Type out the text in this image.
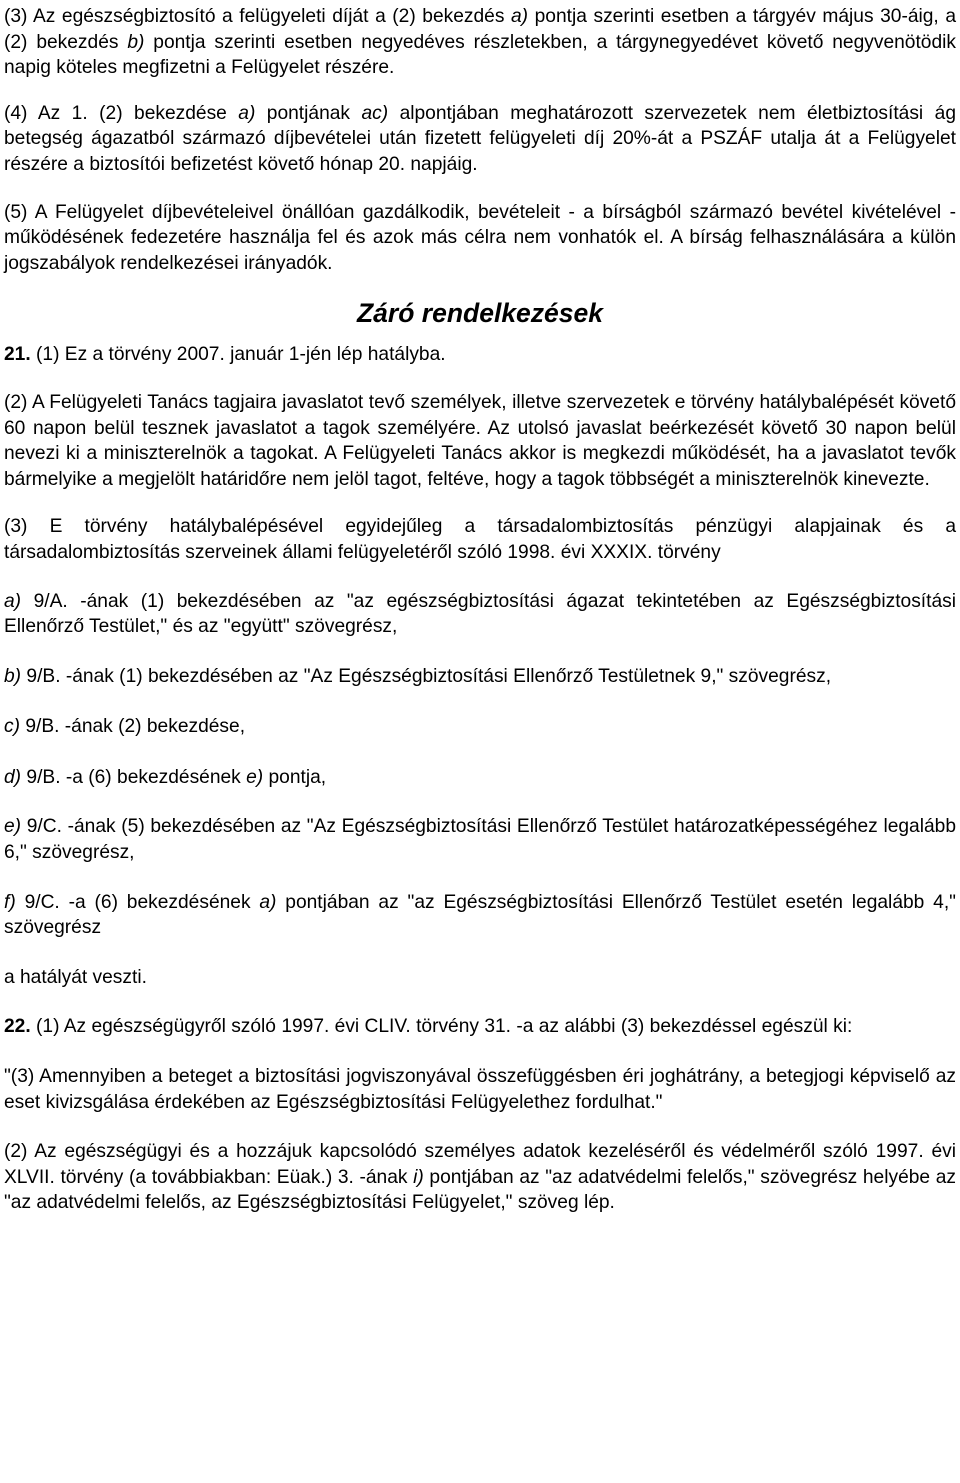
(3) Az egészségbiztosító a felügyeleti díját a (2) bekezdés a) pontja szerinti esetben a tárgyév május 30-áig, a (2) bekezdés b) pontja szerinti esetben negyedéves részletekben, a tárgynegyedévet követő negyvenötödik napig köteles megfizetni a Felügyelet részére.

(4) Az 1. (2) bekezdése a) pontjának ac) alpontjában meghatározott szervezetek nem életbiztosítási ág betegség ágazatból származó díjbevételei után fizetett felügyeleti díj 20%-át a PSZÁF utalja át a Felügyelet részére a biztosítói befizetést követő hónap 20. napjáig.

(5) A Felügyelet díjbevételeivel önállóan gazdálkodik, bevételeit - a bírságból származó bevétel kivételével - működésének fedezetére használja fel és azok más célra nem vonhatók el. A bírság felhasználására a külön jogszabályok rendelkezései irányadók.

Záró rendelkezések

21. (1) Ez a törvény 2007. január 1-jén lép hatályba.

(2) A Felügyeleti Tanács tagjaira javaslatot tevő személyek, illetve szervezetek e törvény hatálybalépését követő 60 napon belül tesznek javaslatot a tagok személyére. Az utolsó javaslat beérkezését követő 30 napon belül nevezi ki a miniszterelnök a tagokat. A Felügyeleti Tanács akkor is megkezdi működését, ha a javaslatot tevők bármelyike a megjelölt határidőre nem jelöl tagot, feltéve, hogy a tagok többségét a miniszterelnök kinevezte.

(3) E törvény hatálybalépésével egyidejűleg a társadalombiztosítás pénzügyi alapjainak és a társadalombiztosítás szerveinek állami felügyeletéről szóló 1998. évi XXXIX. törvény

a) 9/A. -ának (1) bekezdésében az "az egészségbiztosítási ágazat tekintetében az Egészségbiztosítási Ellenőrző Testület," és az "együtt" szövegrész,

b) 9/B. -ának (1) bekezdésében az "Az Egészségbiztosítási Ellenőrző Testületnek 9," szövegrész,

c) 9/B. -ának (2) bekezdése,

d) 9/B. -a (6) bekezdésének e) pontja,

e) 9/C. -ának (5) bekezdésében az "Az Egészségbiztosítási Ellenőrző Testület határozatképességéhez legalább 6," szövegrész,

f) 9/C. -a (6) bekezdésének a) pontjában az "az Egészségbiztosítási Ellenőrző Testület esetén legalább 4," szövegrész

a hatályát veszti.

22. (1) Az egészségügyről szóló 1997. évi CLIV. törvény 31. -a az alábbi (3) bekezdéssel egészül ki:

"(3) Amennyiben a beteget a biztosítási jogviszonyával összefüggésben éri joghátrány, a betegjogi képviselő az eset kivizsgálása érdekében az Egészségbiztosítási Felügyelethez fordulhat."

(2) Az egészségügyi és a hozzájuk kapcsolódó személyes adatok kezeléséről és védelméről szóló 1997. évi XLVII. törvény (a továbbiakban: Eüak.) 3. -ának i) pontjában az "az adatvédelmi felelős," szövegrész helyébe az "az adatvédelmi felelős, az Egészségbiztosítási Felügyelet," szöveg lép.
